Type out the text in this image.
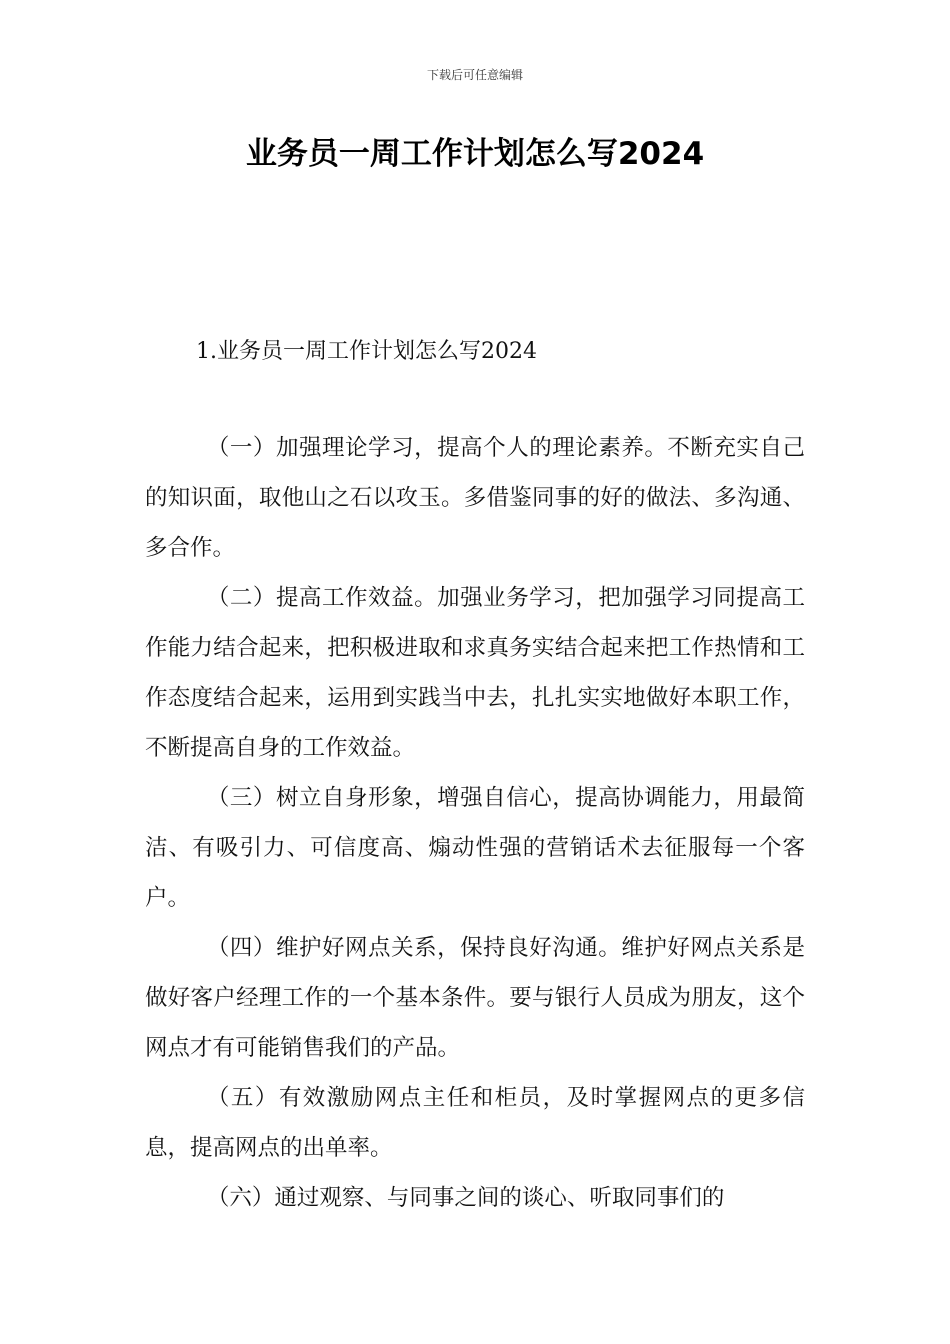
下载后可任意编辑
业务员一周工作计划怎么写2024
1.业务员一周工作计划怎么写2024

（一）加强理论学习，提高个人的理论素养。不断充实自己的知识面，取他山之石以攻玉。多借鉴同事的好的做法、多沟通、多合作。

（二）提高工作效益。加强业务学习，把加强学习同提高工作能力结合起来，把积极进取和求真务实结合起来把工作热情和工作态度结合起来，运用到实践当中去，扎扎实实地做好本职工作，不断提高自身的工作效益。

（三）树立自身形象，增强自信心，提高协调能力，用最简洁、有吸引力、可信度高、煽动性强的营销话术去征服每一个客户。

（四）维护好网点关系，保持良好沟通。维护好网点关系是做好客户经理工作的一个基本条件。要与银行人员成为朋友，这个网点才有可能销售我们的产品。

（五）有效激励网点主任和柜员，及时掌握网点的更多信息，提高网点的出单率。

（六）通过观察、与同事之间的谈心、听取同事们的
